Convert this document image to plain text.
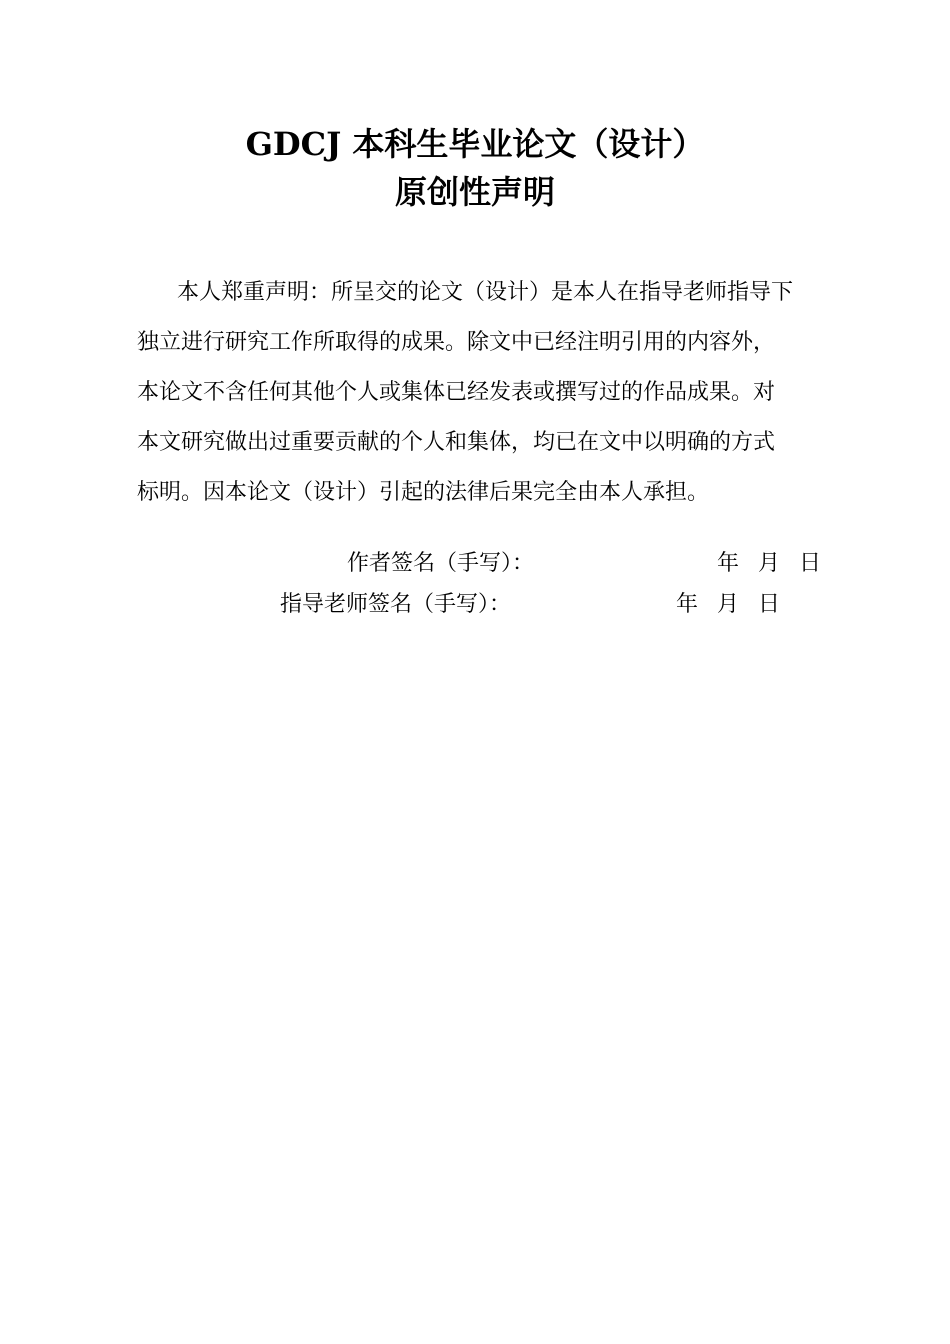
GDCJ 本科生毕业论文（设计）
原创性声明
本人郑重声明：所呈交的论文（设计）是本人在指导老师指导下
独立进行研究工作所取得的成果。除文中已经注明引用的内容外，
本论文不含任何其他个人或集体已经发表或撰写过的作品成果。对
本文研究做出过重要贡献的个人和集体，均已在文中以明确的方式
标明。因本论文（设计）引起的法律后果完全由本人承担。
作者签名（手写）：	年 月 日
指导老师签名（手写）：	年 月 日
